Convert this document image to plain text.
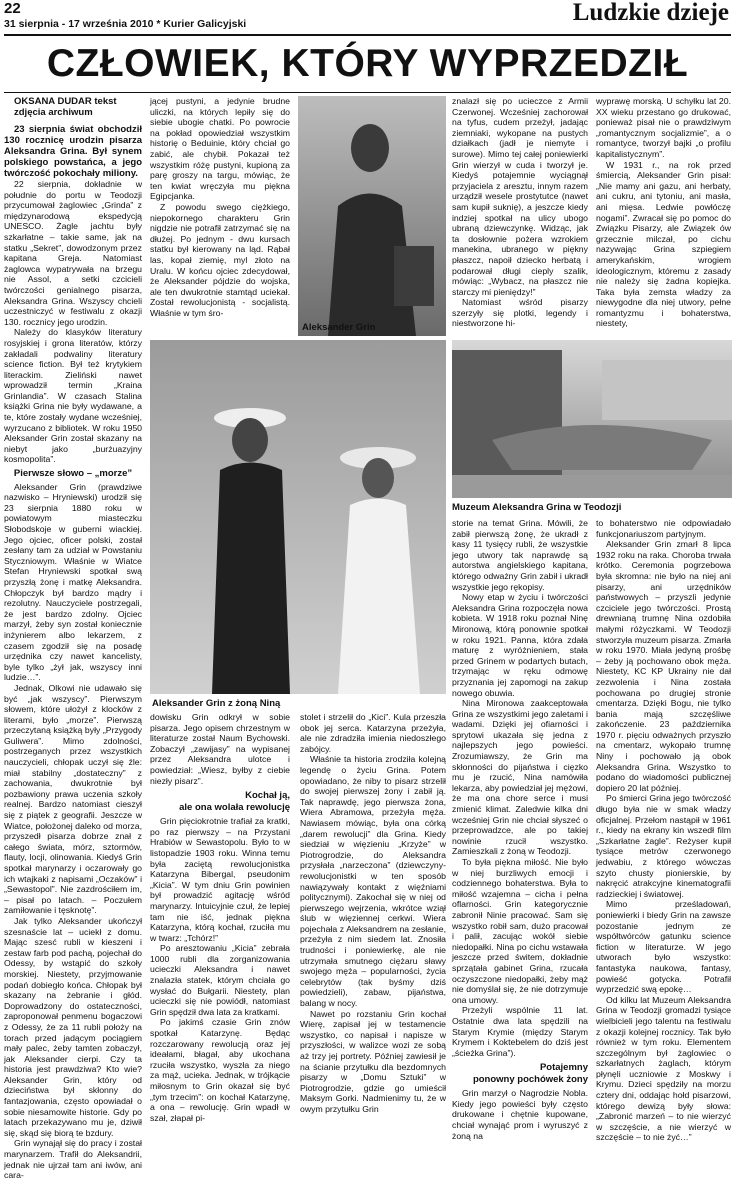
22
31 sierpnia - 17 września 2010 * Kurier Galicyjski	Ludzkie dzieje
CZŁOWIEK, KTÓRY WYPRZEDZIŁ

OKSANA DUDAR tekst

zdjęcia archiwum

23 sierpnia świat obchodził 130 rocznicę urodzin pisarza Aleksandra Grina. Był synem polskiego powstańca, a jego twórczość pokochały miliony.

22 sierpnia, dokładnie w południe do portu w Teodozji przycumował żaglowiec „Grinda” z międzynarodową ekspedycją UNESCO. Żagle jachtu były szkarłatne – takie same, jak na statku „Sekret”, dowodzonym przez kapitana Greja. Natomiast żaglowca wypatrywała na brzegu nie Assol, a setki czcicieli twórczości genialnego pisarza, Aleksandra Grina. Wszyscy chcieli uczestniczyć w festiwalu z okazji 130. rocznicy jego urodzin.

Należy do klasyków literatury rosyjskiej i grona literatów, którzy zakładali podwaliny literatury science fiction. Był też krytykiem literackim. Zieliński nawet wprowadził termin „Kraina Grinlandia”. W czasach Stalina książki Grina nie były wydawane, a te, które zostały wydane wcześniej, wyrzucano z bibliotek. W roku 1950 Aleksander Grin został skazany na niebyt jako „burżuazyjny kosmopolita”.

Pierwsze słowo – „morze”

Aleksander Grin (prawdziwe nazwisko – Hryniewski) urodził się 23 sierpnia 1880 roku w powiatowym miasteczku Słobodskoje w guberni wiackiej. Jego ojciec, oficer polski, został zesłany tam za udział w Powstaniu Styczniowym. Właśnie w Wiatce Stefan Hryniewski spotkał swą przyszłą żonę i matkę Aleksandra. Chłopczyk był bardzo mądry i rezolutny. Nauczyciele postrzegali, że jest bardzo zdolny. Ojciec marzył, żeby syn został koniecznie inżynierem albo lekarzem, z czasem zgodził się na posadę urzędnika czy nawet kancelisty, byle tylko „żył jak, wszyscy inni ludzie…”.

Jednak, Olkowi nie udawało się być „jak wszyscy”. Pierwszym słowem, które ułożył z klocków z literami, było „morze”. Pierwszą przeczytaną książką były „Przygody Guliwera”. Mimo zdolności, postrzeganych przez wszystkich nauczycieli, chłopak uczył się źle: miał stabilny „dostateczny” z zachowania, dwukrotnie był pozbawiony prawa uczenia szkoły realnej. Bardzo natomiast cieszył się z piątek z geografii. Jeszcze w Wiatce, położonej daleko od morza, przyszedł pisarza dobrze znał z całego świata, mórz, sztormów, flauty, locji, olinowania. Kiedyś Grin spotkał marynarzy i oczarowały go ich wtajkaki z napisami „Oczaków” i „Sewastopol”. Nie zazdrościłem im, – pisał po latach. – Poczułem zamiłowanie i tęsknotę”.

Jak tylko Aleksander ukończył szesnaście lat – uciekł z domu. Mając szesć rubli w kieszeni i zestaw farb pod pachą, pojechał do Odessy, by wstąpić do szkoły morskiej. Niestety, przyjmowanie podań dobiegło końca. Chłopak był skazany na żebranie i głód. Doprowadzony do ostateczności, zaproponował penmenu bogaczowi z Odessy, że za 11 rubli położy na torach przed jadącym pociągiem mały palec, żeby tamten zobaczył, jak Aleksander cierpi. Czy ta historia jest prawdziwa? Kto wie? Aleksander Grin, który od dzieciństwa był skłonny do fantazjowania, często opowiadał o sobie niesamowite historie. Gdy po latach przekazywano mu je, dziwił się, skąd się biorą te bzdury.

Grin wynajął się do pracy i został marynarzem. Trafił do Aleksandrii, jednak nie ujrzał tam ani iwów, ani cara-

jącej pustyni, a jedynie brudne uliczki, na których lepiły się do siebie ubogie chatki. Po powrocie na pokład opowiedział wszystkim historię o Beduinie, który chciał go zabić, ale chybił. Pokazał też wszystkim różę pustyni, kupioną za parę groszy na targu, mówiąc, że ten kwiat wręczyła mu piękna Egipcjanka.

Z powodu swego ciężkiego, niepokornego charakteru Grin nigdzie nie potrafił zatrzymać się na dłużej. Po jednym - dwu kursach statku był kierowany na ląd. Rąbał las, kopał ziemię, myl złoto na Uralu. W końcu ojciec zdecydował, że Aleksander pójdzie do wojska, ale ten dwukrotnie stamtąd uciekał. Został rewolucjonistą - socjalistą. Właśnie w tym śro-

Aleksander Grin

znalazł się po ucieczce z Armii Czerwonej. Wcześniej zachorował na tyfus, cudem przeżył, jadając ziemniaki, wykopane na pustych działkach (jadł je niemyte i surowe). Mimo tej całej poniewierki Grin wierzył w cuda i tworzył je. Kiedyś potajemnie wyciągnął przyjaciela z aresztu, innym razem urządził wesele prostytutce (nawet sam kupił suknię), a jeszcze kiedy indziej spotkał na ulicy ubogo ubraną dziewczynkę. Widząc, jak ta dosłownie pożera wzrokiem manekina, ubranego w piękny płaszcz, napoił dziecko herbatą i podarował długi cieply szalik, mówiąc: „Wybacz, na płaszcz nie starczy mi pieniędzy!”

Natomiast wśród pisarzy szerzyły się plotki, legendy i niestworzone hi-

wyprawę morską. U schyłku lat 20. XX wieku przestano go drukować, ponieważ pisał nie o prawdziwym „romantycznym socjalizmie”, a o romantyce, tworzył bajki „o profilu kapitalistycznym”.

W 1931 r., na rok przed śmiercią, Aleksander Grin pisał: „Nie mamy ani gazu, ani herbaty, ani cukru, ani tytoniu, ani masła, ani mięsa. Ledwie powłóczę nogami”. Zwracał się po pomoc do Związku Pisarzy, ale Związek ów grzecznie milczał, po cichu nazywając Grina szpiegiem amerykańskim, wrogiem ideologicznym, któremu z zasady nie należy się żadna kopiejka. Taka była zemsta władzy za niewygodne dla niej utwory, pełne romantyzmu i bohaterstwa, niestety,

Aleksander Grin z żoną Niną
Muzeum Aleksandra Grina w Teodozji

dowisku Grin odkrył w sobie pisarza. Jego opisem chrzestnym w literaturze został Naum Bychowski. Zobaczył „zawijasy” na wypisanej przez Aleksandra ulotce i powiedział: „Wiesz, byłby z ciebie niezły pisarz”.

Kochał ją,
ale ona wolała rewolucję

Grin pięciokrotnie trafiał za kratki, po raz pierwszy – na Przystani Hrabiów w Sewastopolu. Było to w listopadzie 1903 roku. Winna temu była zaciętą rewolucjonistka Katarzyna Bibergal, pseudonim „Kicia”. W tym dniu Grin powinien był prowadzić agitację wśród marynarzy. Intuicyjnie czuł, że lepiej tam nie iść, jednak piękna Katarzyna, którą kochał, rzuciła mu w twarz: „Tchórz!”

Po aresztowaniu „Kicia” zebrała 1000 rubli dla zorganizowania ucieczki Aleksandra i nawet znalazła statek, którym chciała go wysłać do Bułgarii. Niestety, plan ucieczki się nie powiódł, natomiast Grin spędził dwa lata za kratkami.

Po jakimś czasie Grin znów spotkał Katarzynę. Będąc rozczarowany rewolucją oraz jej ideałami, błagał, aby ukochana rzuciła wszystko, wyszła za niego za mąż, ucieka. Jednak, w trójkącie miłosnym to Grin okazał się być „tym trzecim”: on kochał Katarzynę, a ona – rewolucję. Grin wpadł w szał, złapał pi-

stolet i strzelił do „Kici”. Kula przeszła obok jej serca. Katarzyna przeżyła, ale nie zdradziła imienia niedoszłego zabójcy.

Właśnie ta historia zrodziła kolejną legendę o życiu Grina. Potem opowiadano, że niby to pisarz strzelił do swojej pierwszej żony i zabił ją. Tak naprawdę, jego pierwsza żona, Wiera Abramowa, przeżyła męża. Nawiasem mówiąc, była ona córką „darem rewolucji” dla Grina. Kiedy siedział w więzieniu „Krzyże” w Piotrogrodzie, do Aleksandra przysłała „narzeczona” (dziewczyny-rewolucjonistki w ten sposób nawiązywały kontakt z więźniami politycznymi). Zakochał się w niej od pierwszego wejrzenia, wkrótce wziął ślub w więziennej cerkwi. Wiera pojechała z Aleksandrem na zesłanie, przeżyła z nim siedem lat. Znosiła trudności i poniewierkę, ale nie utrzymała smutnego ciężaru sławy swojego męża – popularności, życia celebrytów (tak byśmy dziś powiedzieli), zabaw, pijaństwa, balang w nocy.

Nawet po rozstaniu Grin kochał Wierę, zapisał jej w testamencie wszystko, co napisał i napisze w przyszłości, w walizce wozi ze sobą aż trzy jej portrety. Później zawiesił je na ścianie przytułku dla bezdomnych pisarzy w „Domu Sztuki” w Piotrogrodzie, gdzie go umieścił Maksym Gorki. Nadmienimy tu, że w owym przytułku Grin

storie na temat Grina. Mówili, że zabił pierwszą żonę, że ukradł z kasy 11 tysięcy rubli, że wszystkie jego utwory tak naprawdę są autorstwa angielskiego kapitana, którego odważny Grin zabił i ukradł wszystkie jego rękopisy.

Nowy etap w życiu i twórczości Aleksandra Grina rozpoczęła nowa kobieta. W 1918 roku poznał Ninę Mironową, którą ponownie spotkał w roku 1921. Panna, która zdała maturę z wyróżnieniem, stała przed Grinem w podartych butach, trzymając w ręku odmowę przyznania jej zapomogi na zakup nowego obuwia.

Nina Mironowa zaakceptowała Grina ze wszystkimi jego zaletami i wadami. Dzięki jej ofiarności i sprytowi ukazała się jedna z najlepszych jego powieści. Zrozumiawszy, że Grin ma skłonności do pijaństwa i cięzko mu je rzucić, Nina namówiła lekarza, aby powiedział jej mężowi, że ma ona chore serce i musi zmienić klimat. Zaledwie kilka dni wcześniej Grin nie chciał słyszeć o przeprowadzce, ale po takiej nowinie rzucił wszystko. Zamieszkali z żoną w Teodozji.

To była piękna miłość. Nie było w niej burzliwych emocji i codziennego bohaterstwa. Była to miłość wzajemna – cicha i pełna oflarności. Grin kategorycznie zabronił Ninie pracować. Sam się wszystko robił sam, dużo pracował i palił, zacując wokół siebie niedopałki. Nina po cichu wstawała jeszcze przed świtem, dokładnie sprzątała gabinet Grina, rzucała oczyszczone niedopałki, żeby mąż nie domyślał się, że nie dotrzymuje ona umowy.

Przeżyli wspólnie 11 lat. Ostatnie dwa lata spędzili na Starym Krymie (między Starym Krymem i Koktebelem do dziś jest „ścieżka Grina”).

Potajemny
ponowny pochówek żony

Grin marzył o Nagrodzie Nobla. Kiedy jego powieści były często drukowane i chętnie kupowane, chciał wynająć prom i wyruszyć z żoną na

to bohaterstwo nie odpowiadało funkcjonariuszom partyjnym.

Aleksander Grin zmarł 8 lipca 1932 roku na raka. Choroba trwała krótko. Ceremonia pogrzebowa była skromna: nie było na niej ani pisarzy, ani urzędników państwowych – przyszli jedynie czciciele jego twórczości. Prostą drewnianą trumnę Nina ozdobiła małymi różyczkami. W Teodozji stworzyła muzeum pisarza. Zmarła w roku 1970. Miała jedyną prośbę – żeby ją pochowano obok męża. Niestety, KC KP Ukrainy nie dał zezwolenia i Nina została pochowana po drugiej stronie cmentarza. Dzięki Bogu, nie tylko bania mają szczęśliwe zakończenie. 23 października 1970 r. pięciu odważnych przyszło na cmentarz, wykopało trumnę Niny i pochowało ją obok Aleksandra Grina. Wszystko to podano do wiadomości publicznej dopiero 20 lat później.

Po śmierci Grina jego twórczość długo była nie w smak władzy oficjalnej. Przełom nastąpił w 1961 r., kiedy na ekrany kin wszedł film „Szkarłatne żagle”. Reżyser kupił tysiące metrów czerwonego jedwabiu, z którego wówczas szyto chusty pionierskie, by nakręcić atrakcyjne kinematografii radzieckiej i światowej.

Mimo prześladowań, poniewierki i biedy Grin na zawsze pozostanie jednym ze współtwórców gatunku science fiction w literaturze. W jego utworach było wszystko: fantastyka naukowa, fantasy, powieść gotycka. Potrafił wyprzedzić swą epokę…

Od kilku lat Muzeum Aleksandra Grina w Teodozji gromadzi tysiące wielbicieli jego talentu na festiwalu z okazji kolejnej rocznicy. Tak było również w tym roku. Elementem szczególnym był żaglowiec o szkarłatnych żaglach, którym płynęli uczniowie z Moskwy i Krymu. Dzieci spędziły na morzu cztery dni, oddając hołd pisarzowi, którego dewizą były słowa: „Zabronić marzeń – to nie wierzyć w szczęście, a nie wierzyć w szczęście – to nie żyć…”
